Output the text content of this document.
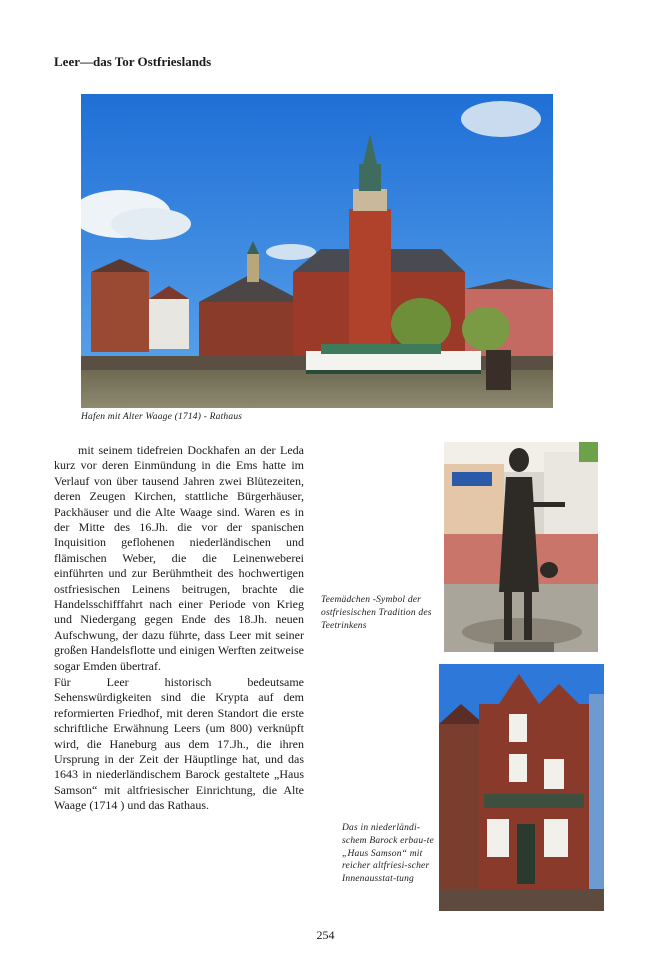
Leer—das Tor Ostfrieslands
Hafen mit Alter Waage (1714) - Rathaus

mit seinem tidefreien Dockhafen an der Leda kurz vor deren Einmündung in die Ems hatte im Verlauf von über tausend Jahren zwei Blütezeiten, deren Zeugen Kirchen, stattliche Bürgerhäuser, Packhäuser und die Alte Waage sind. Waren es in der Mitte des 16.Jh. die vor der spanischen Inquisition geflohenen niederländischen und flämischen Weber, die die Leinenweberei einführten und zur Berühmtheit des hochwertigen ostfriesischen Leinens beitrugen, brachte die Handelsschifffahrt nach einer Periode von Krieg und Niedergang gegen Ende des 18.Jh. neuen Aufschwung, der dazu führte, dass Leer mit seiner großen Handelsflotte und einigen Werften zeitweise sogar Emden übertraf.

Für Leer historisch bedeutsame Sehenswürdigkeiten sind die Krypta auf dem reformierten Friedhof, mit deren Standort die erste schriftliche Erwähnung Leers (um 800) verknüpft wird, die Haneburg aus dem 17.Jh., die ihren Ursprung in der Zeit der Häuptlinge hat, und das 1643 in niederländischem Barock gestaltete „Haus Samson“ mit altfriesischer Einrichtung, die Alte Waage (1714 ) und das Rathaus.

Teemädchen -Symbol der ostfriesischen Tradition des Teetrinkens
Das in niederländi-schem Barock erbau-te „Haus Samson“ mit reicher altfriesi-scher Innenausstat-tung
254
